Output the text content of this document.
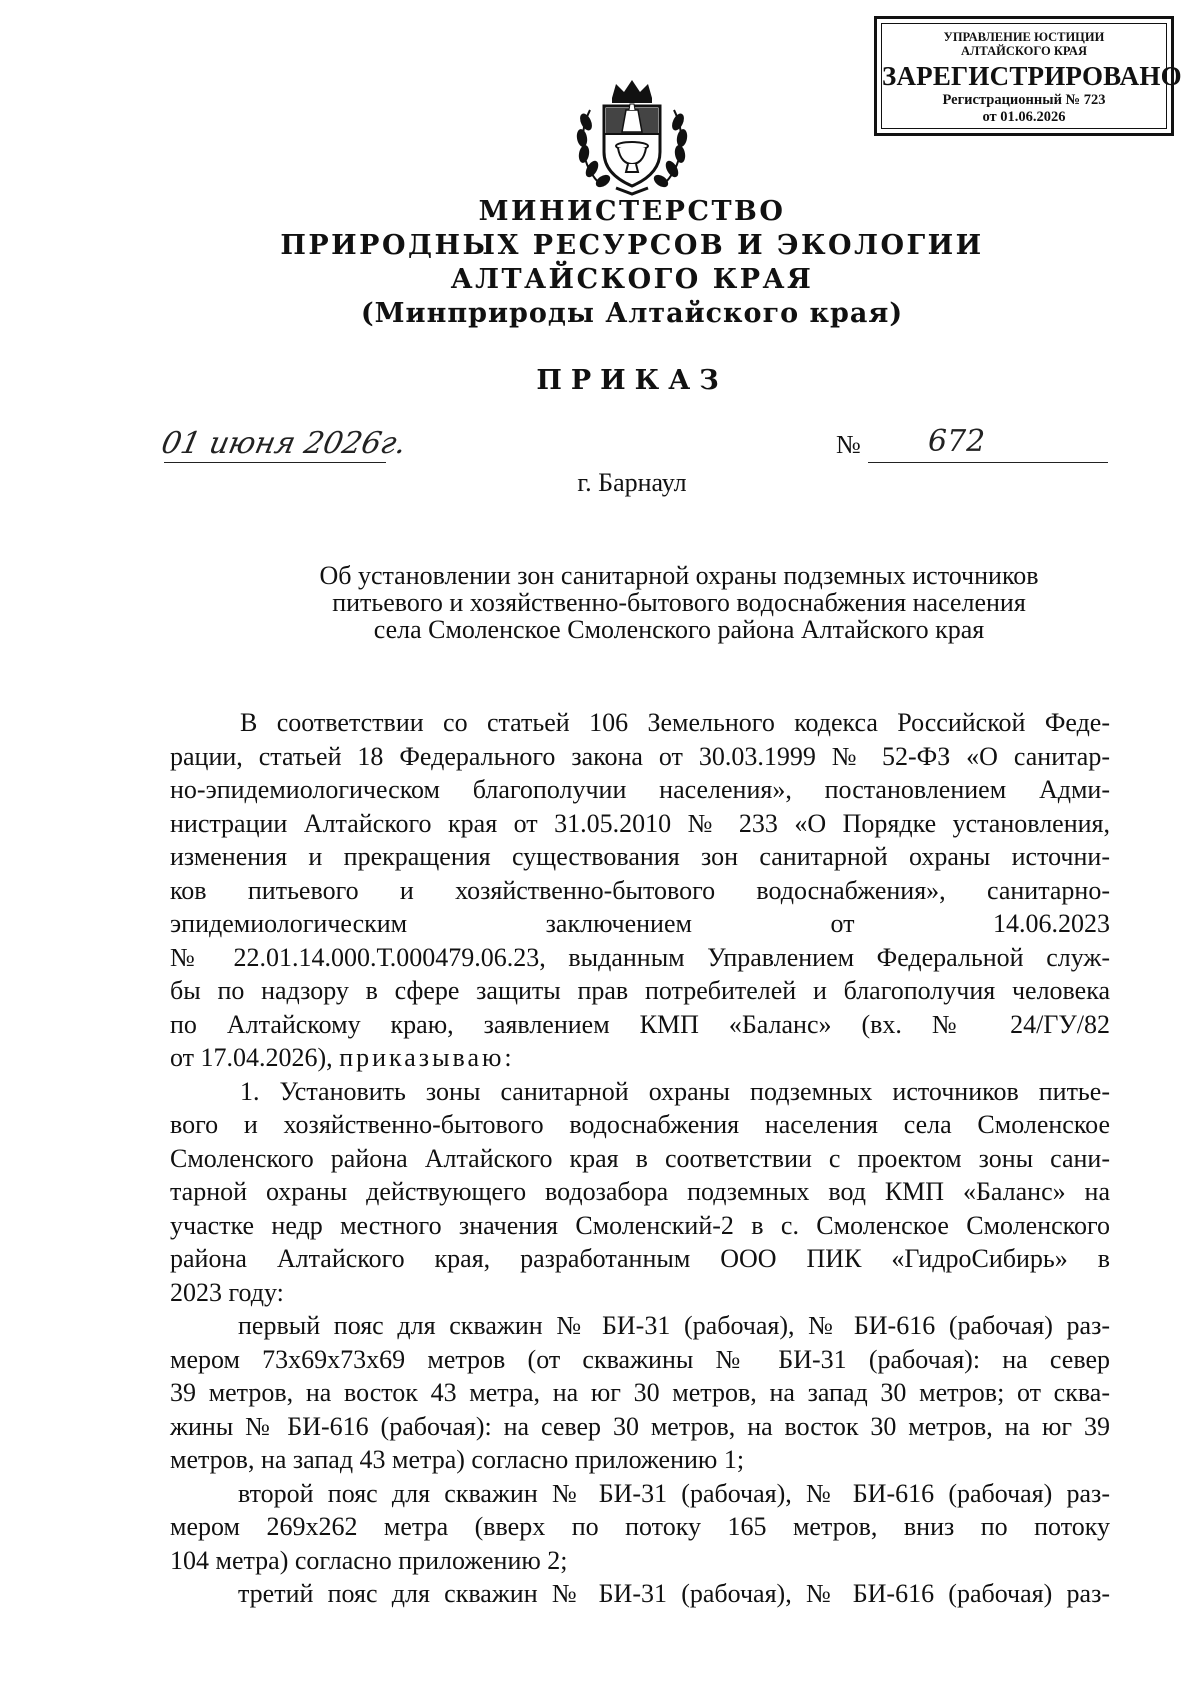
УПРАВЛЕНИЕ ЮСТИЦИИ
АЛТАЙСКОГО КРАЯ
ЗАРЕГИСТРИРОВАНО
Регистрационный № 723
от 01.06.2026
МИНИСТЕРСТВО
ПРИРОДНЫХ РЕСУРСОВ И ЭКОЛОГИИ
АЛТАЙСКОГО КРАЯ
(Минприроды Алтайского края)
ПРИКАЗ
01 июня 2026г.	№ 672
г. Барнаул
Об установлении зон санитарной охраны подземных источников
питьевого и хозяйственно-бытового водоснабжения населения
села Смоленское Смоленского района Алтайского края

В соответствии со статьей 106 Земельного кодекса Российской Феде-

рации, статьей 18 Федерального закона от 30.03.1999 № 52-ФЗ «О санитар-

но-эпидемиологическом благополучии населения», постановлением Адми-

нистрации Алтайского края от 31.05.2010 № 233 «О Порядке установления,

изменения и прекращения существования зон санитарной охраны источни-

ков питьевого и хозяйственно-бытового водоснабжения», санитарно-

эпидемиологическим заключением от 14.06.2023

№ 22.01.14.000.Т.000479.06.23, выданным Управлением Федеральной служ-

бы по надзору в сфере защиты прав потребителей и благополучия человека

по Алтайскому краю, заявлением КМП «Баланс» (вх. № 24/ГУ/82

от 17.04.2026), приказываю:

1. Установить зоны санитарной охраны подземных источников питье-

вого и хозяйственно-бытового водоснабжения населения села Смоленское

Смоленского района Алтайского края в соответствии с проектом зоны сани-

тарной охраны действующего водозабора подземных вод КМП «Баланс» на

участке недр местного значения Смоленский-2 в с. Смоленское Смоленского

района Алтайского края, разработанным ООО ПИК «ГидроСибирь» в

2023 году:

первый пояс для скважин № БИ-31 (рабочая), № БИ-616 (рабочая) раз-

мером 73x69x73x69 метров (от скважины № БИ-31 (рабочая): на север

39 метров, на восток 43 метра, на юг 30 метров, на запад 30 метров; от сква-

жины № БИ-616 (рабочая): на север 30 метров, на восток 30 метров, на юг 39

метров, на запад 43 метра) согласно приложению 1;

второй пояс для скважин № БИ-31 (рабочая), № БИ-616 (рабочая) раз-

мером 269x262 метра (вверх по потоку 165 метров, вниз по потоку

104 метра) согласно приложению 2;

третий пояс для скважин № БИ-31 (рабочая), № БИ-616 (рабочая) раз-
